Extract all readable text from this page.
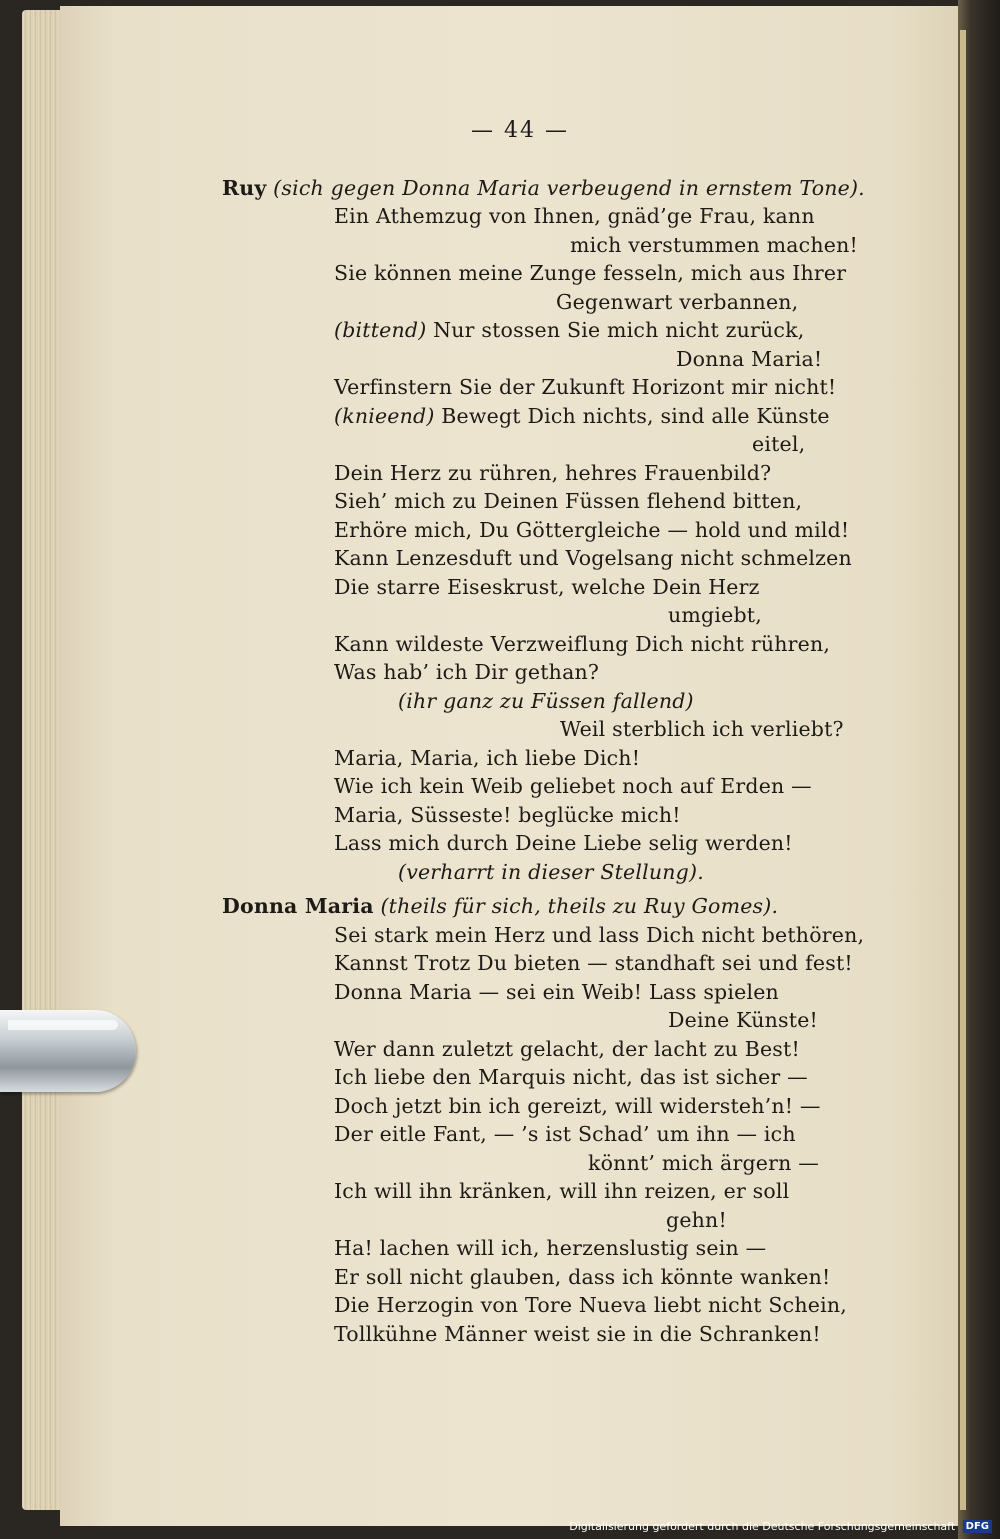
— 44 —
Ruy (sich gegen Donna Maria verbeugend in ernstem Tone).
Ein Athemzug von Ihnen, gnäd’ge Frau, kann
mich verstummen machen!
Sie können meine Zunge fesseln, mich aus Ihrer
Gegenwart verbannen,
(bittend) Nur stossen Sie mich nicht zurück,
Donna Maria!
Verfinstern Sie der Zukunft Horizont mir nicht!
(knieend) Bewegt Dich nichts, sind alle Künste
eitel,
Dein Herz zu rühren, hehres Frauenbild?
Sieh’ mich zu Deinen Füssen flehend bitten,
Erhöre mich, Du Göttergleiche — hold und mild!
Kann Lenzesduft und Vogelsang nicht schmelzen
Die starre Eiseskrust, welche Dein Herz
umgiebt,
Kann wildeste Verzweiflung Dich nicht rühren,
Was hab’ ich Dir gethan?
(ihr ganz zu Füssen fallend)
Weil sterblich ich verliebt?
Maria, Maria, ich liebe Dich!
Wie ich kein Weib geliebet noch auf Erden —
Maria, Süsseste! beglücke mich!
Lass mich durch Deine Liebe selig werden!
(verharrt in dieser Stellung).
Donna Maria (theils für sich, theils zu Ruy Gomes).
Sei stark mein Herz und lass Dich nicht bethören,
Kannst Trotz Du bieten — standhaft sei und fest!
Donna Maria — sei ein Weib! Lass spielen
Deine Künste!
Wer dann zuletzt gelacht, der lacht zu Best!
Ich liebe den Marquis nicht, das ist sicher —
Doch jetzt bin ich gereizt, will widersteh’n! —
Der eitle Fant, — ’s ist Schad’ um ihn — ich
könnt’ mich ärgern —
Ich will ihn kränken, will ihn reizen, er soll
gehn!
Ha! lachen will ich, herzenslustig sein —
Er soll nicht glauben, dass ich könnte wanken!
Die Herzogin von Tore Nueva liebt nicht Schein,
Tollkühne Männer weist sie in die Schranken!
Digitalisierung gefördert durch die Deutsche Forschungsgemeinschaft DFG
